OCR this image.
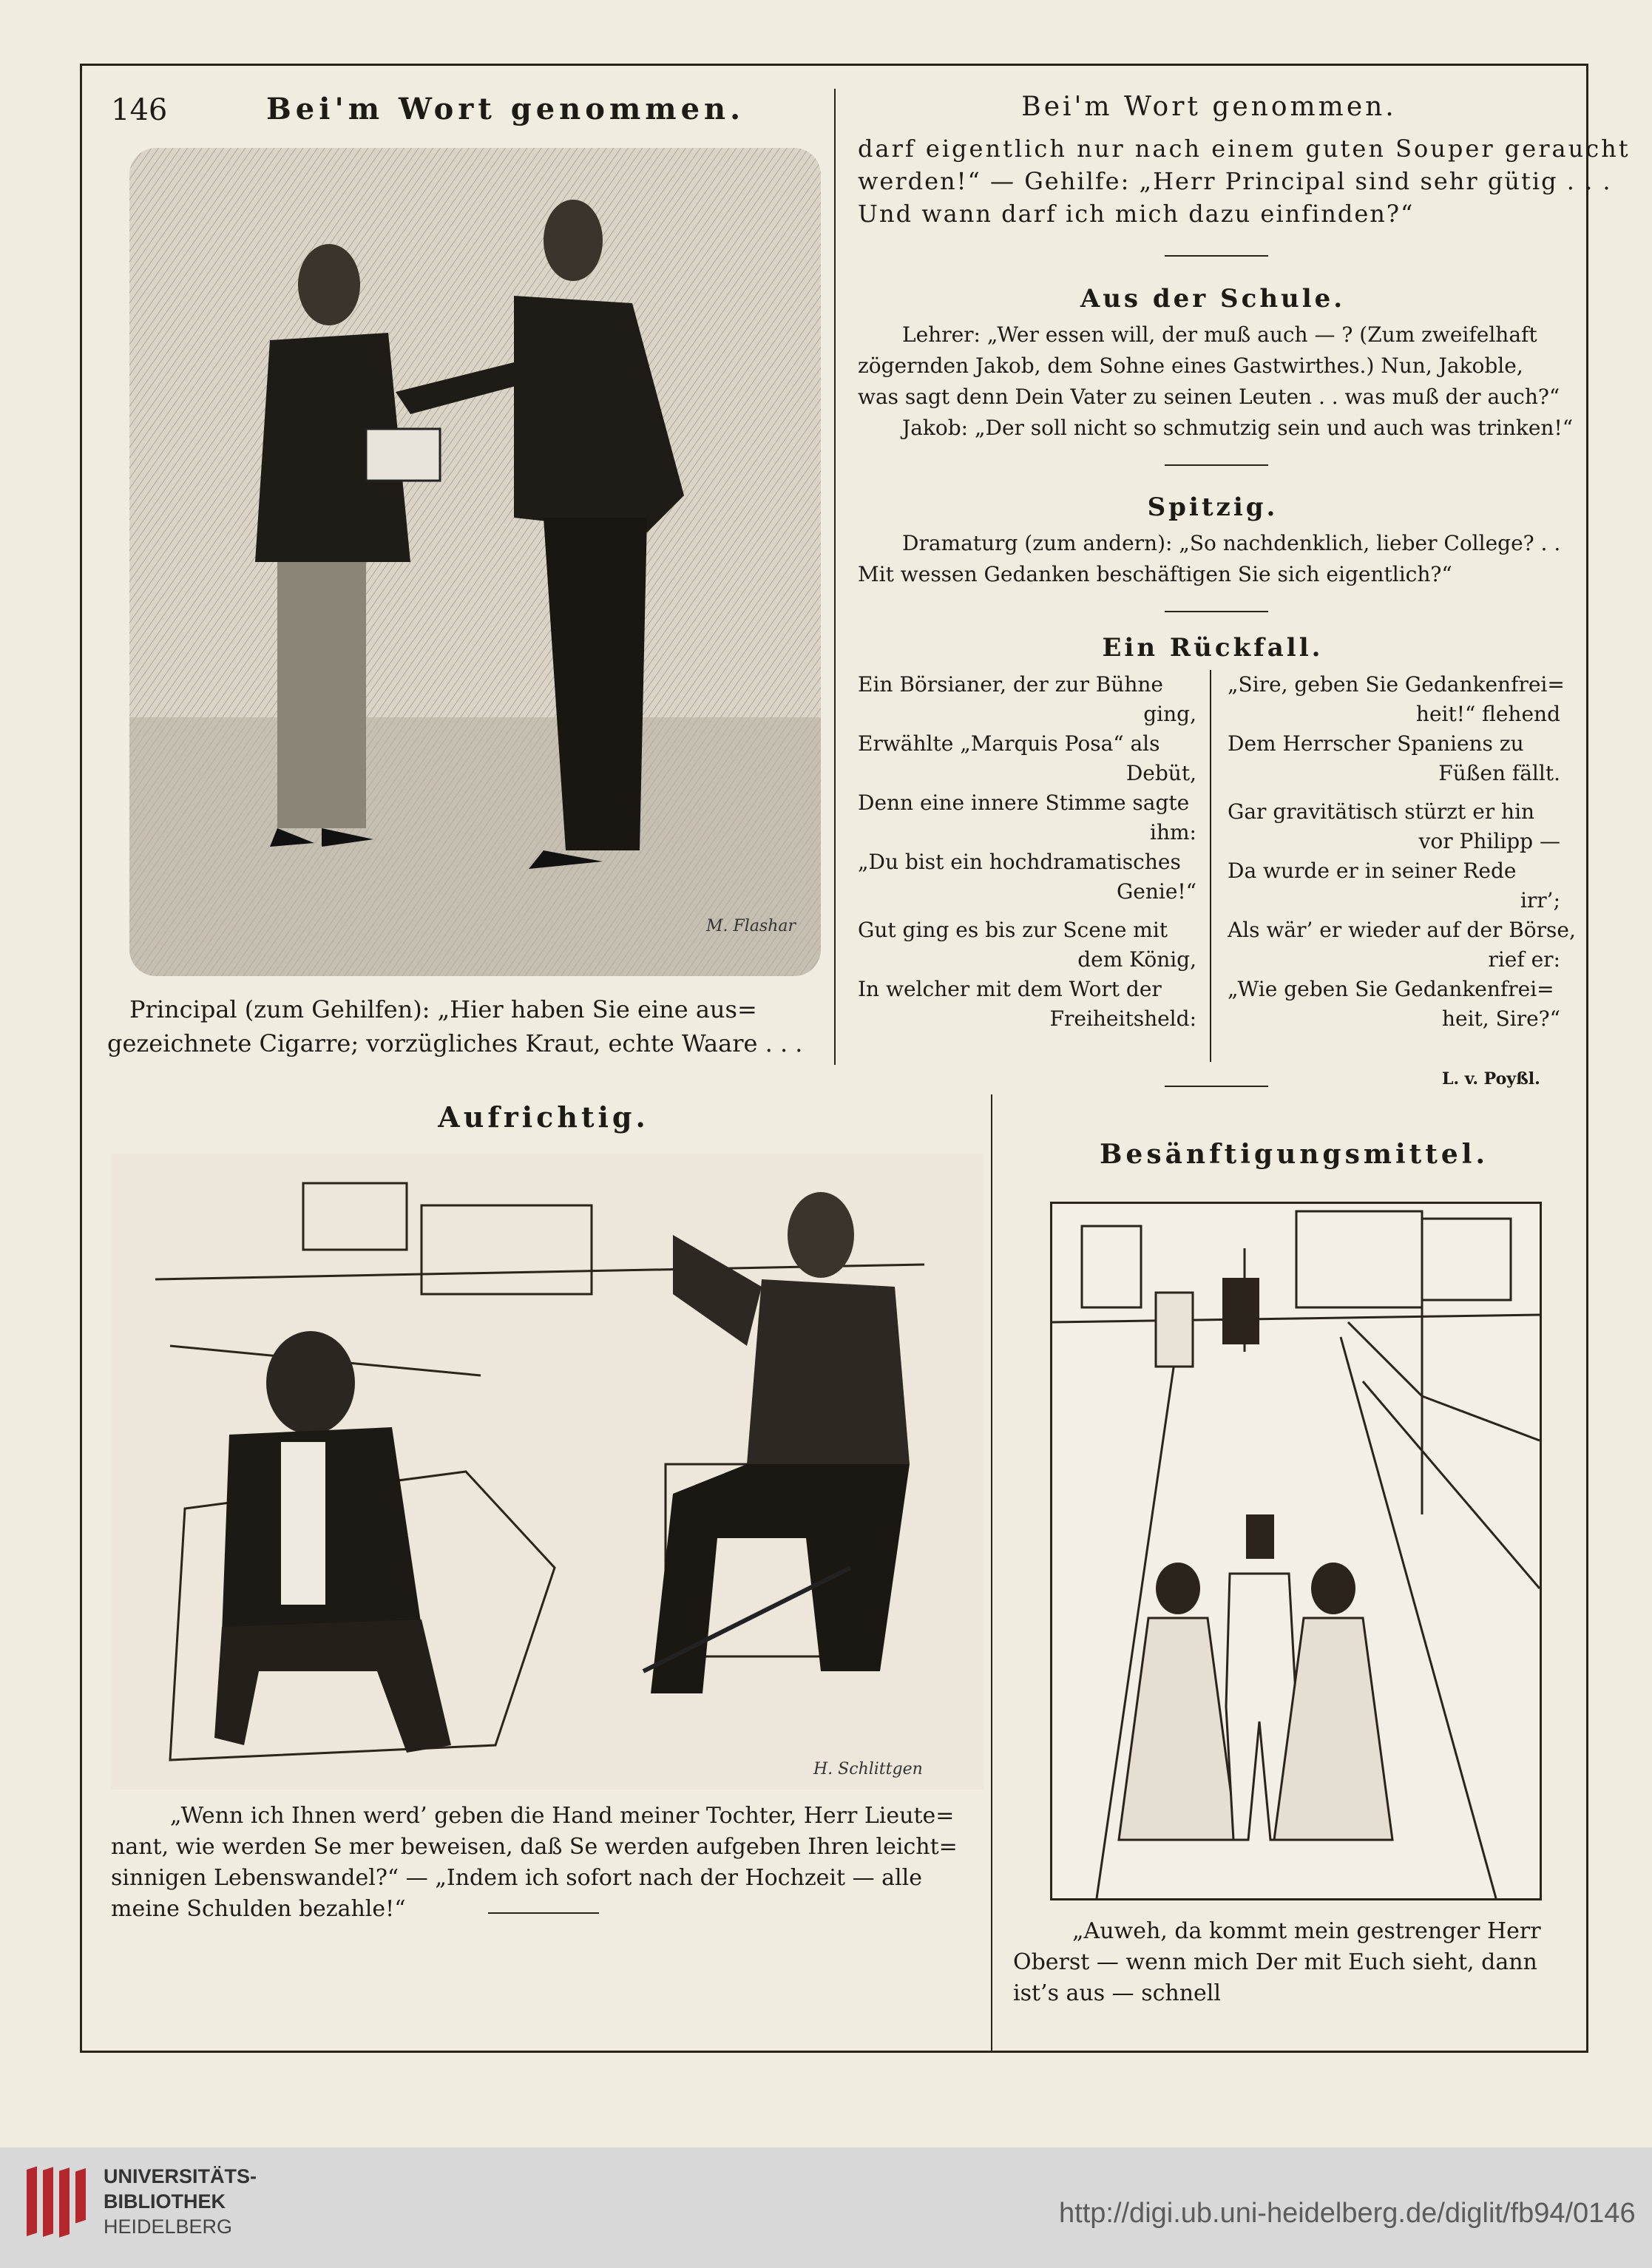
146	Bei'm Wort genommen.	Bei'm Wort genommen.
M. Flashar
Principal (zum Gehilfen): „Hier haben Sie eine aus=
gezeichnete Cigarre; vorzügliches Kraut, echte Waare . . .
darf eigentlich nur nach einem guten Souper geraucht
werden!“ — Gehilfe: „Herr Principal sind sehr gütig . . .
Und wann darf ich mich dazu einfinden?“
Aus der Schule.
Lehrer: „Wer essen will, der muß auch — ? (Zum zweifelhaft
zögernden Jakob, dem Sohne eines Gastwirthes.) Nun, Jakoble,
was sagt denn Dein Vater zu seinen Leuten . . was muß der auch?“
Jakob: „Der soll nicht so schmutzig sein und auch was trinken!“
Spitzig.
Dramaturg (zum andern): „So nachdenklich, lieber College? . .
Mit wessen Gedanken beschäftigen Sie sich eigentlich?“
Ein Rückfall.
Ein Börsianer, der zur Bühne
ging,
Erwählte „Marquis Posa“ als
Debüt,
Denn eine innere Stimme sagte
ihm:
„Du bist ein hochdramatisches
Genie!“
Gut ging es bis zur Scene mit
dem König,
In welcher mit dem Wort der
Freiheitsheld:
„Sire, geben Sie Gedankenfrei=
heit!“ flehend
Dem Herrscher Spaniens zu
Füßen fällt.
Gar gravitätisch stürzt er hin
vor Philipp —
Da wurde er in seiner Rede
irr’;
Als wär’ er wieder auf der Börse,
rief er:
„Wie geben Sie Gedankenfrei=
heit, Sire?“
L. v. Poyßl.
Aufrichtig.
H. Schlittgen
„Wenn ich Ihnen werd’ geben die Hand meiner Tochter, Herr Lieute=
nant, wie werden Se mer beweisen, daß Se werden aufgeben Ihren leicht=
sinnigen Lebenswandel?“ — „Indem ich sofort nach der Hochzeit — alle
meine Schulden bezahle!“
Besänftigungsmittel.
„Auweh, da kommt mein gestrenger Herr
Oberst — wenn mich Der mit Euch sieht, dann
ist’s aus — schnell
UNIVERSITÄTS-
BIBLIOTHEK
HEIDELBERG	http://digi.ub.uni-heidelberg.de/diglit/fb94/0146
